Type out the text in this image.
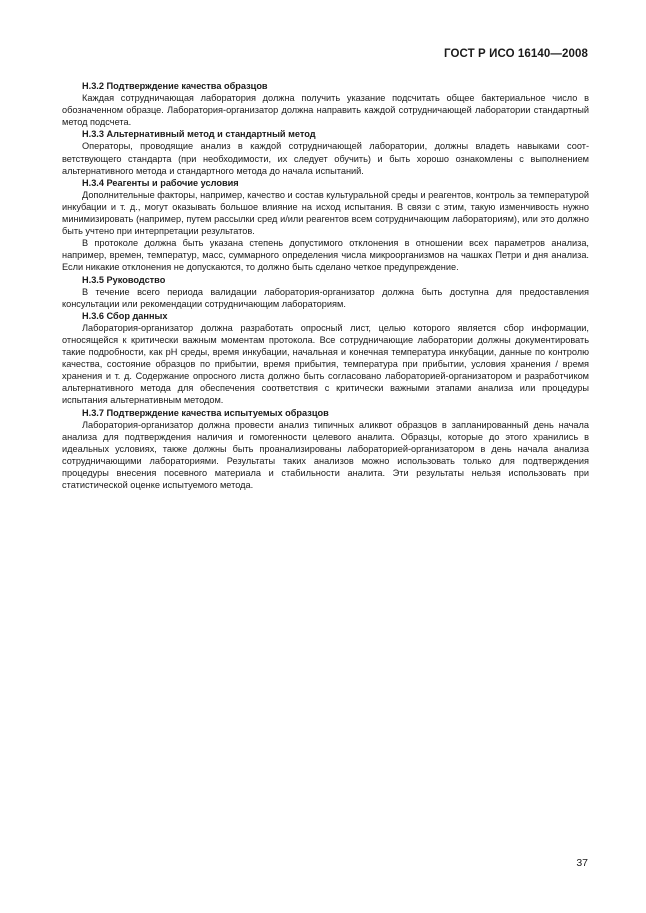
ГОСТ Р ИСО 16140—2008

Н.3.2 Подтверждение качества образцов

Каждая сотрудничающая лаборатория должна получить указание подсчитать общее бактериальное число в обозначенном образце. Лаборатория-организатор должна направить каждой сотрудничающей лаборатории стандартный метод подсчета.

Н.3.3 Альтернативный метод и стандартный метод

Операторы, проводящие анализ в каждой сотрудничающей лаборатории, должны владеть навыками соответствующего стандарта (при необходимости, их следует обучить) и быть хорошо ознакомлены с выполнением альтернативного метода и стандартного метода до начала испытаний.

Н.3.4 Реагенты и рабочие условия

Дополнительные факторы, например, качество и состав культуральной среды и реагентов, контроль за температурой инкубации и т. д., могут оказывать большое влияние на исход испытания. В связи с этим, такую изменчивость нужно минимизировать (например, путем рассылки сред и/или реагентов всем сотрудничающим лабораториям), или это должно быть учтено при интерпретации результатов.

В протоколе должна быть указана степень допустимого отклонения в отношении всех параметров анализа, например, времен, температур, масс, суммарного определения числа микроорганизмов на чашках Петри и дня анализа. Если никакие отклонения не допускаются, то должно быть сделано четкое предупреждение.

Н.3.5 Руководство

В течение всего периода валидации лаборатория-организатор должна быть доступна для предоставления консультации или рекомендации сотрудничающим лабораториям.

Н.3.6 Сбор данных

Лаборатория-организатор должна разработать опросный лист, целью которого является сбор информации, относящейся к критически важным моментам протокола. Все сотрудничающие лаборатории должны документировать такие подробности, как pH среды, время инкубации, начальная и конечная температура инкубации, данные по контролю качества, состояние образцов по прибытии, время прибытия, температура при прибытии, условия хранения / время хранения и т. д. Содержание опросного листа должно быть согласовано лабораторией-организатором и разработчиком альтернативного метода для обеспечения соответствия с критически важными этапами анализа или процедуры испытания альтернативным методом.

Н.3.7 Подтверждение качества испытуемых образцов

Лаборатория-организатор должна провести анализ типичных аликвот образцов в запланированный день начала анализа для подтверждения наличия и гомогенности целевого аналита. Образцы, которые до этого хранились в идеальных условиях, также должны быть проанализированы лабораторией-организатором в день начала анализа сотрудничающими лабораториями. Результаты таких анализов можно использовать только для подтверждения процедуры внесения посевного материала и стабильности аналита. Эти результаты нельзя использовать при статистической оценке испытуемого метода.

37
